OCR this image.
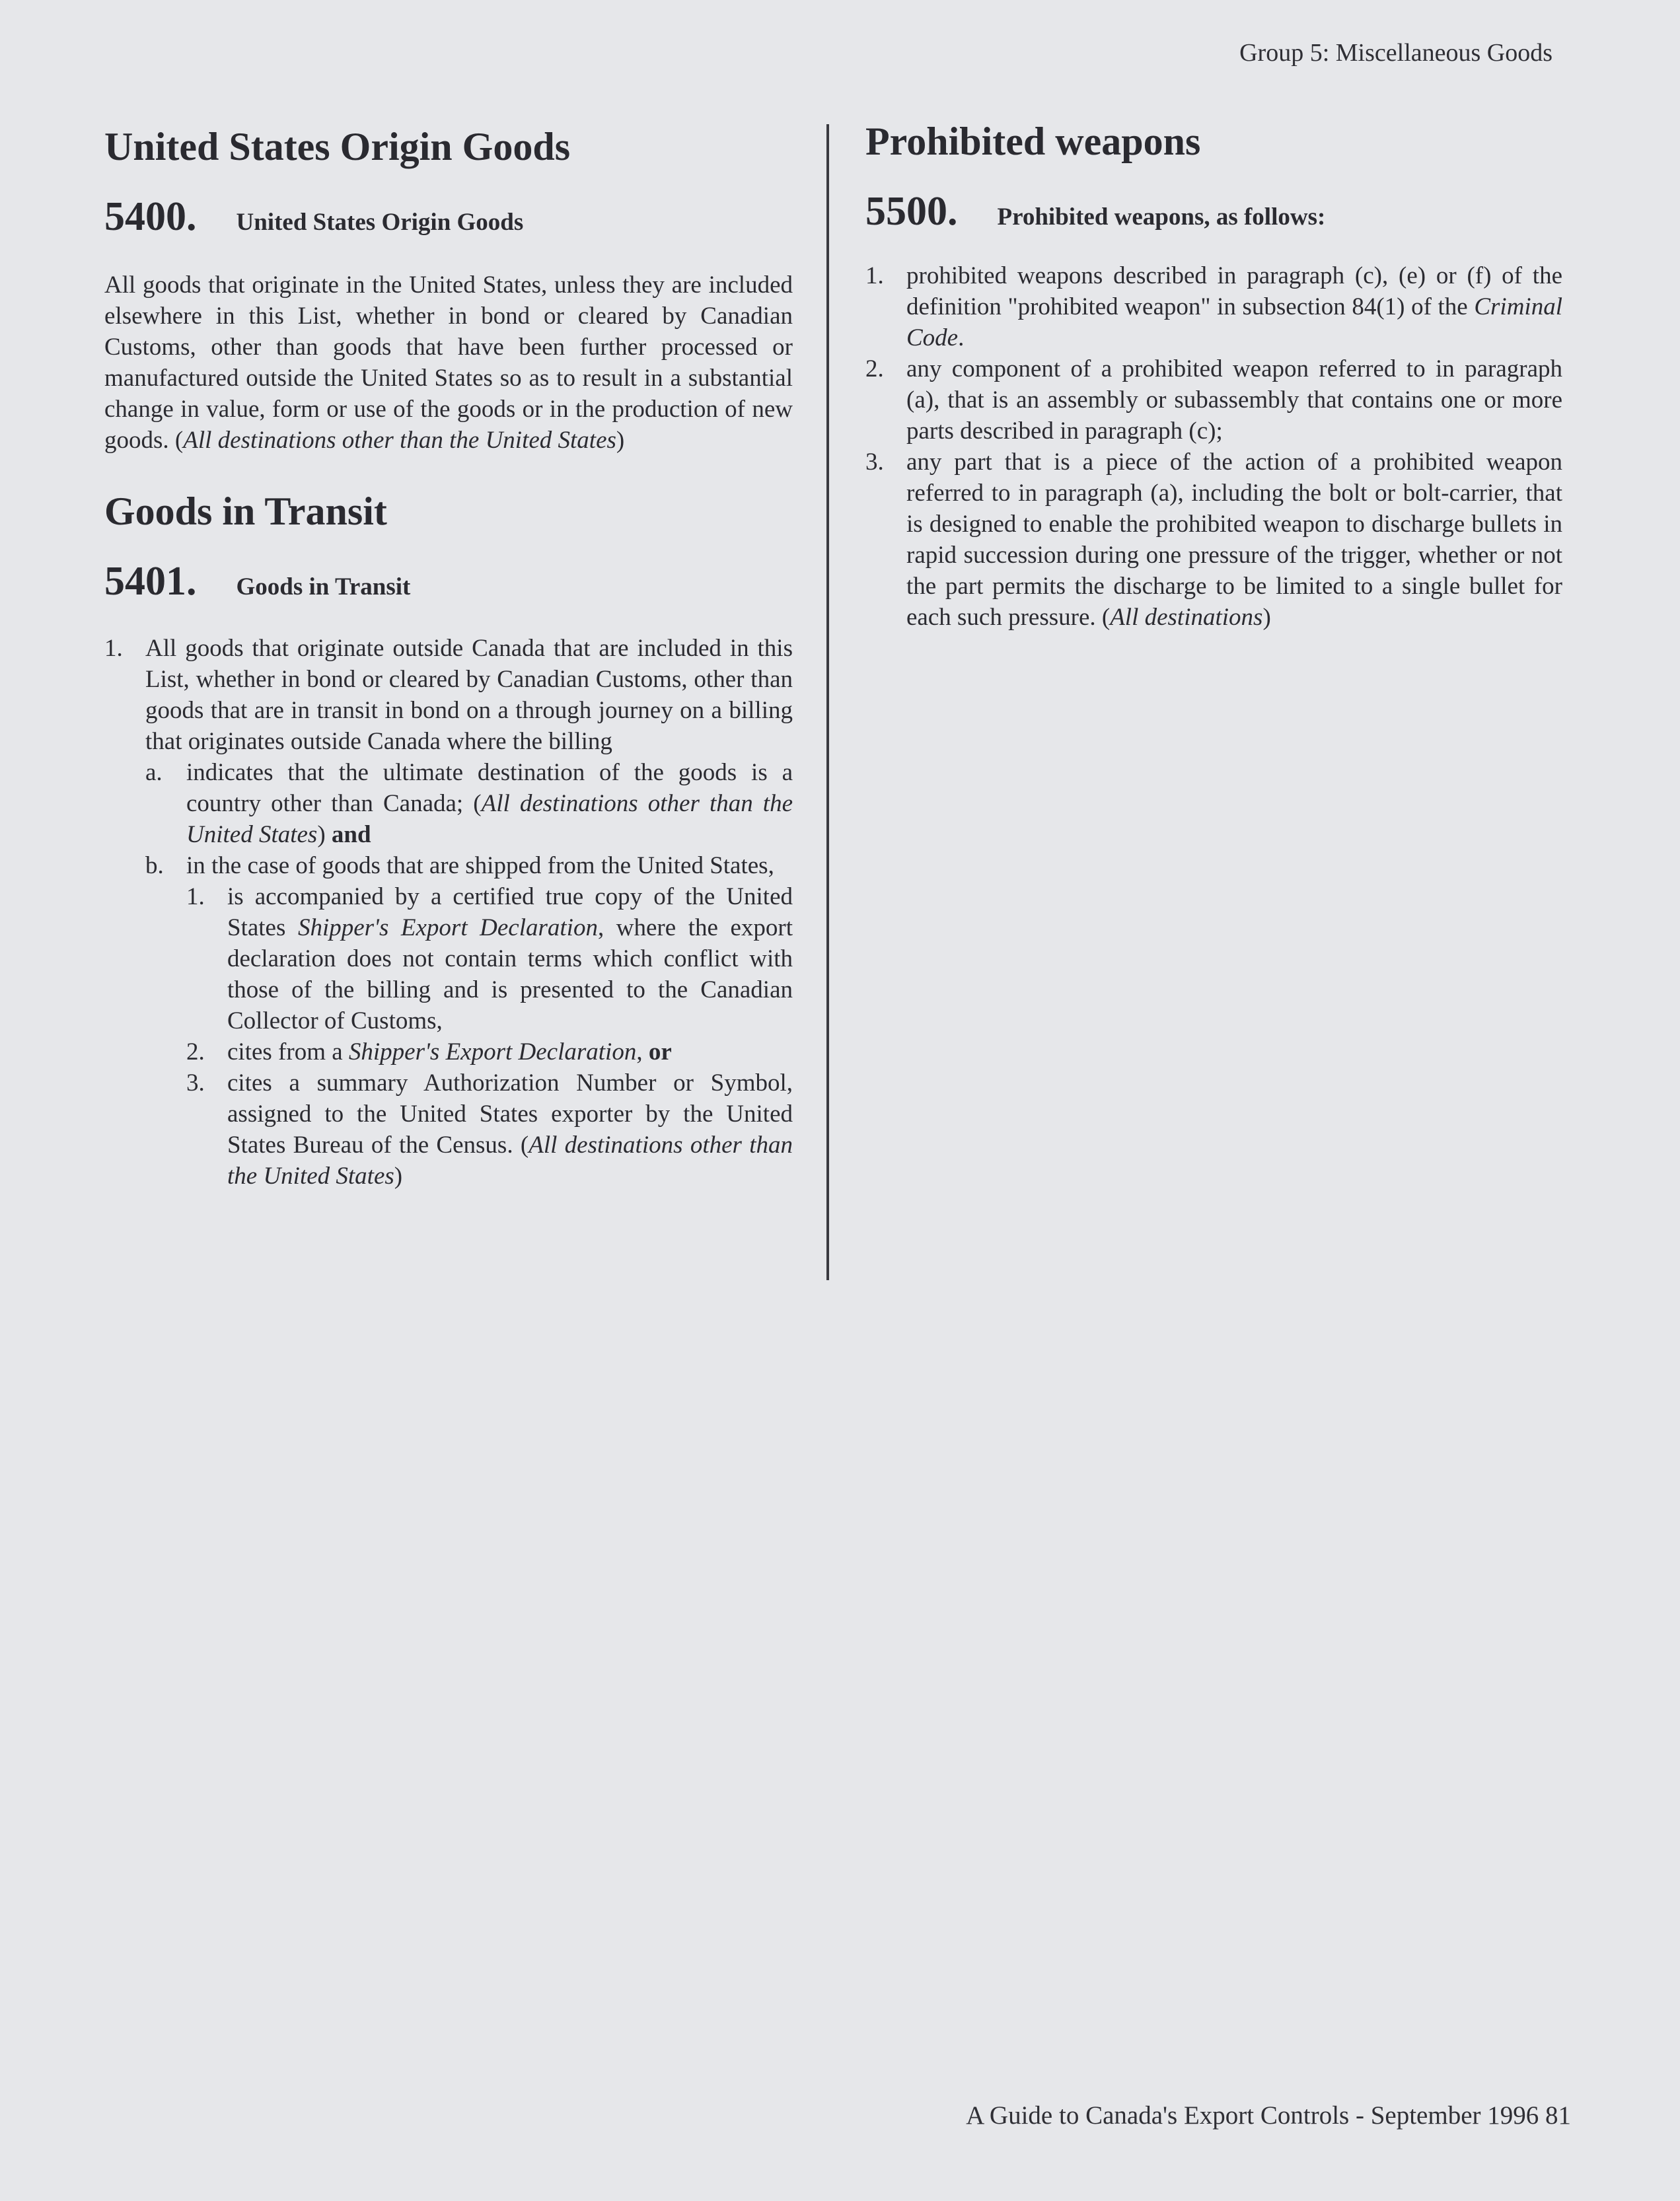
Group 5: Miscellaneous Goods
United States Origin Goods
5400. United States Origin Goods

All goods that originate in the United States, unless they are included elsewhere in this List, whether in bond or cleared by Canadian Customs, other than goods that have been further processed or manufactured outside the United States so as to result in a substantial change in value, form or use of the goods or in the production of new goods. (All destinations other than the United States)

Goods in Transit
5401. Goods in Transit
1. All goods that originate outside Canada that are included in this List, whether in bond or cleared by Canadian Customs, other than goods that are in transit in bond on a through journey on a billing that originates outside Canada where the billing
a. indicates that the ultimate destination of the goods is a country other than Canada; (All destinations other than the United States) and
b. in the case of goods that are shipped from the United States,
1. is accompanied by a certified true copy of the United States Shipper's Export Declaration, where the export declaration does not contain terms which conflict with those of the billing and is presented to the Canadian Collector of Customs,
2. cites from a Shipper's Export Declaration, or
3. cites a summary Authorization Number or Symbol, assigned to the United States exporter by the United States Bureau of the Census. (All destinations other than the United States)
Prohibited weapons
5500. Prohibited weapons, as follows:
1. prohibited weapons described in paragraph (c), (e) or (f) of the definition "prohibited weapon" in subsection 84(1) of the Criminal Code.
2. any component of a prohibited weapon referred to in paragraph (a), that is an assembly or subassembly that contains one or more parts described in paragraph (c);
3. any part that is a piece of the action of a prohibited weapon referred to in paragraph (a), including the bolt or bolt-carrier, that is designed to enable the prohibited weapon to discharge bullets in rapid succession during one pressure of the trigger, whether or not the part permits the discharge to be limited to a single bullet for each such pressure. (All destinations)
A Guide to Canada's Export Controls - September 1996 81
